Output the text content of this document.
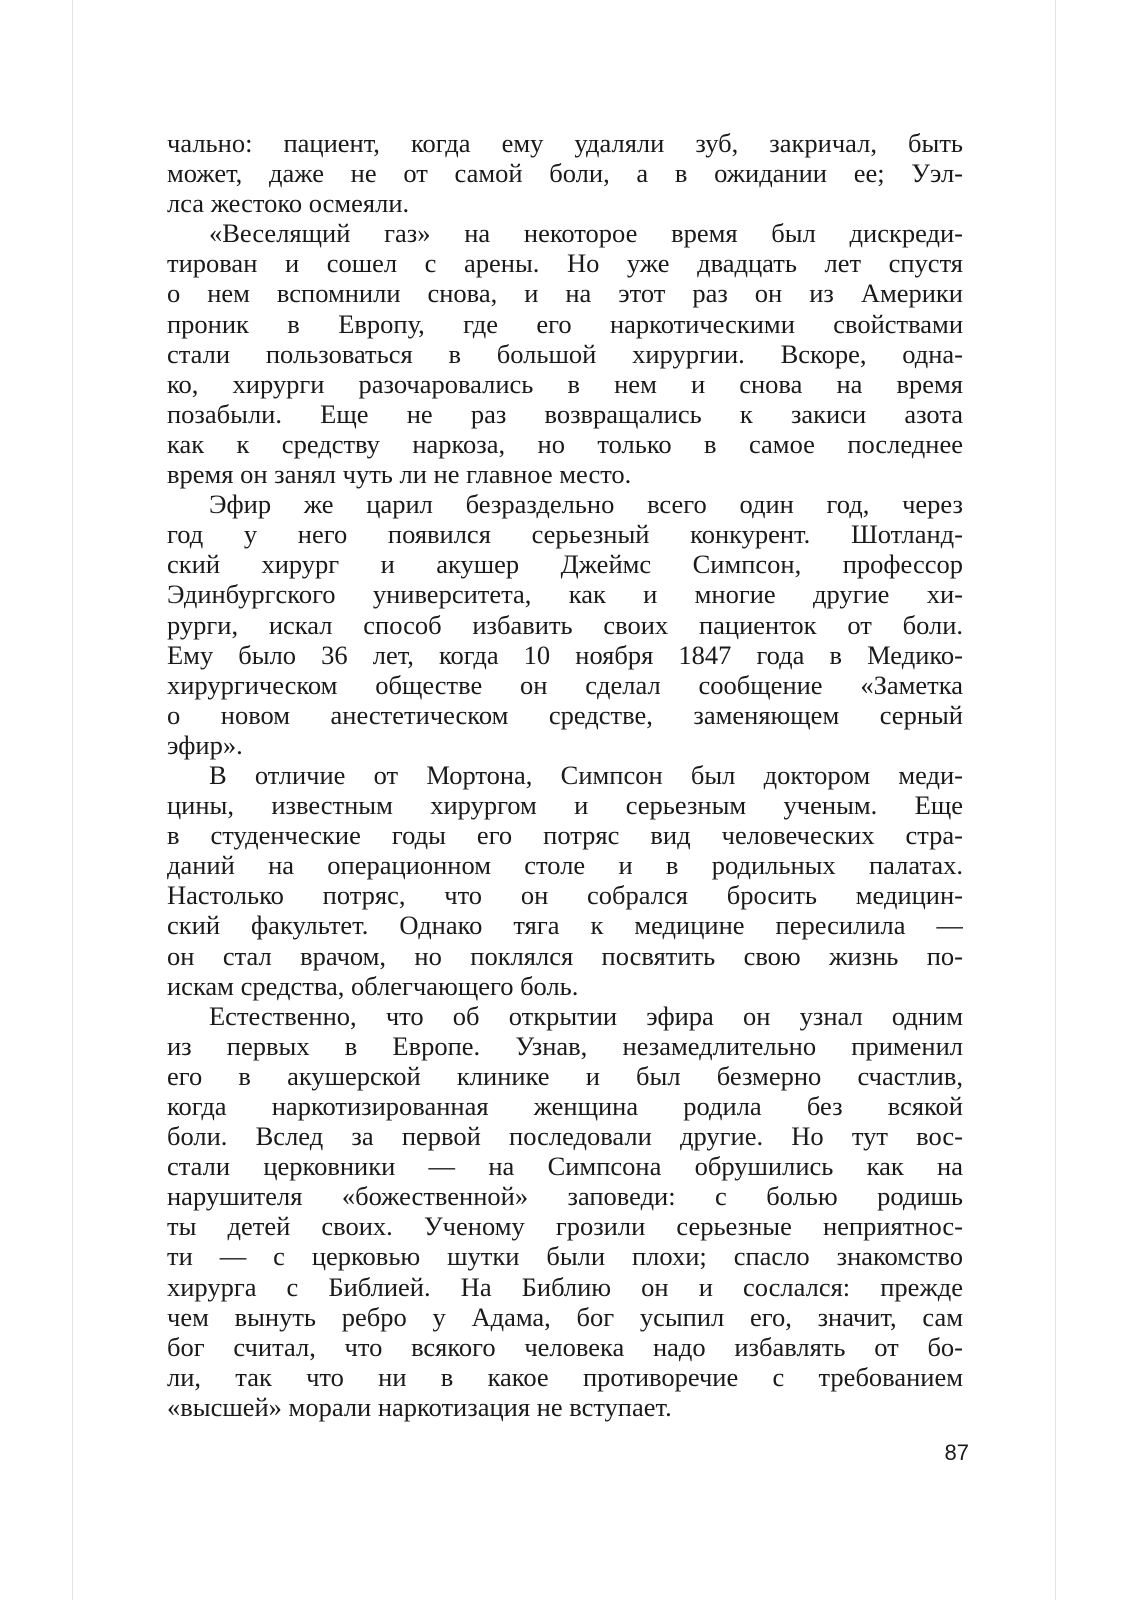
чально: пациент, когда ему удаляли зуб, закричал, быть
может, даже не от самой боли, а в ожидании ее; Уэл-
лса жестоко осмеяли.
«Веселящий газ» на некоторое время был дискреди-
тирован и сошел с арены. Но уже двадцать лет спустя
о нем вспомнили снова, и на этот раз он из Америки
проник в Европу, где его наркотическими свойствами
стали пользоваться в большой хирургии. Вскоре, одна-
ко, хирурги разочаровались в нем и снова на время
позабыли. Еще не раз возвращались к закиси азота
как к средству наркоза, но только в самое последнее
время он занял чуть ли не главное место.
Эфир же царил безраздельно всего один год, через
год у него появился серьезный конкурент. Шотланд-
ский хирург и акушер Джеймс Симпсон, профессор
Эдинбургского университета, как и многие другие хи-
рурги, искал способ избавить своих пациенток от боли.
Ему было 36 лет, когда 10 ноября 1847 года в Медико-
хирургическом обществе он сделал сообщение «Заметка
о новом анестетическом средстве, заменяющем серный
эфир».
В отличие от Мортона, Симпсон был доктором меди-
цины, известным хирургом и серьезным ученым. Еще
в студенческие годы его потряс вид человеческих стра-
даний на операционном столе и в родильных палатах.
Настолько потряс, что он собрался бросить медицин-
ский факультет. Однако тяга к медицине пересилила —
он стал врачом, но поклялся посвятить свою жизнь по-
искам средства, облегчающего боль.
Естественно, что об открытии эфира он узнал одним
из первых в Европе. Узнав, незамедлительно применил
его в акушерской клинике и был безмерно счастлив,
когда наркотизированная женщина родила без всякой
боли. Вслед за первой последовали другие. Но тут вос-
стали церковники — на Симпсона обрушились как на
нарушителя «божественной» заповеди: с болью родишь
ты детей своих. Ученому грозили серьезные неприятнос-
ти — с церковью шутки были плохи; спасло знакомство
хирурга с Библией. На Библию он и сослался: прежде
чем вынуть ребро у Адама, бог усыпил его, значит, сам
бог считал, что всякого человека надо избавлять от бо-
ли, так что ни в какое противоречие с требованием
«высшей» морали наркотизация не вступает.
87
